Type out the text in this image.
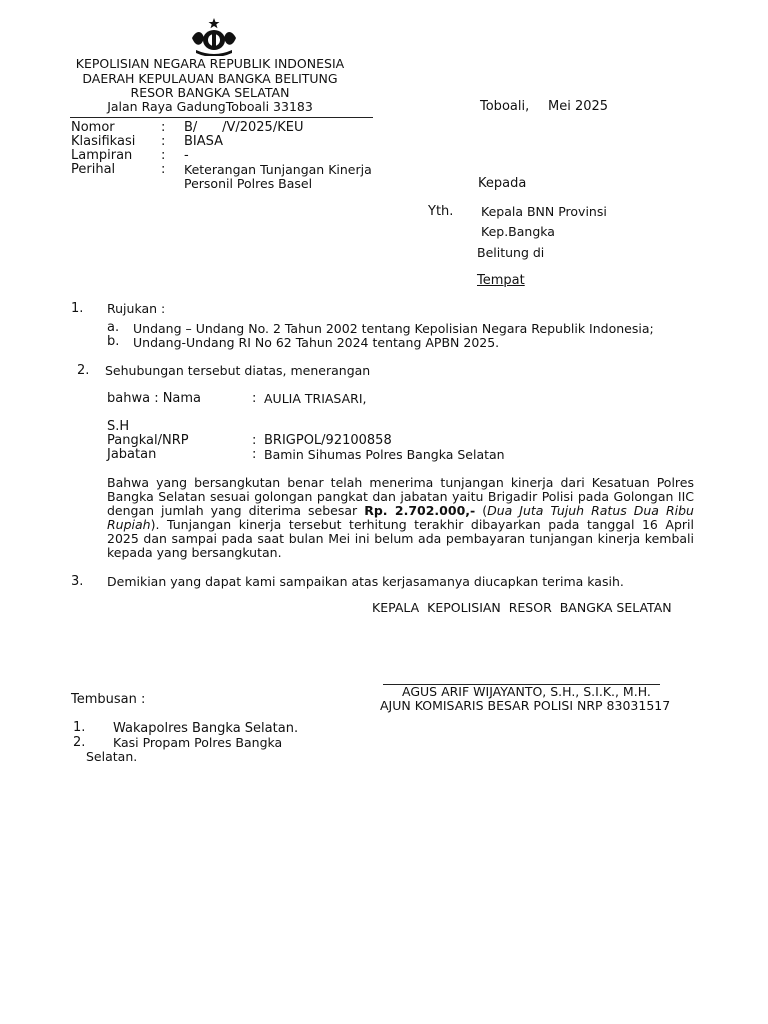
KEPOLISIAN NEGARA REPUBLIK INDONESIA
DAERAH KEPULAUAN BANGKA BELITUNG
RESOR BANGKA SELATAN
Jalan Raya GadungToboali 33183	Toboali, Mei 2025
Nomor	: B/      /V/2025/KEU
Klasifikasi : BIASA
Lampiran : -
Perihal	: Keterangan Tunjangan Kinerja
Personil Polres Basel	Kepada
Yth. Kepala BNN Provinsi
Kep.Bangka
Belitung di
Tempat
1. Rujukan :
a. Undang – Undang No. 2 Tahun 2002 tentang Kepolisian Negara Republik Indonesia;
b. Undang-Undang RI No 62 Tahun 2024 tentang APBN 2025.
2. Sehubungan tersebut diatas, menerangan
bahwa : Nama	: AULIA TRIASARI,
S.H
Pangkal/NRP	: BRIGPOL/92100858
Jabatan	: Bamin Sihumas Polres Bangka Selatan
Bahwa yang bersangkutan benar telah menerima tunjangan kinerja dari Kesatuan Polres Bangka Selatan sesuai golongan pangkat dan jabatan yaitu Brigadir Polisi pada Golongan IIC dengan jumlah yang diterima sebesar Rp. 2.702.000,- (Dua Juta Tujuh Ratus Dua Ribu Rupiah). Tunjangan kinerja tersebut terhitung terakhir dibayarkan pada tanggal 16 April 2025 dan sampai pada saat bulan Mei ini belum ada pembayaran tunjangan kinerja kembali kepada yang bersangkutan.
3. Demikian yang dapat kami sampaikan atas kerjasamanya diucapkan terima kasih.
KEPALA  KEPOLISIAN  RESOR  BANGKA SELATAN
AGUS ARIF WIJAYANTO, S.H., S.I.K., M.H.
AJUN KOMISARIS BESAR POLISI NRP 83031517
Tembusan :
1. Wakapolres Bangka Selatan.
2. Kasi Propam Polres Bangka
Selatan.
